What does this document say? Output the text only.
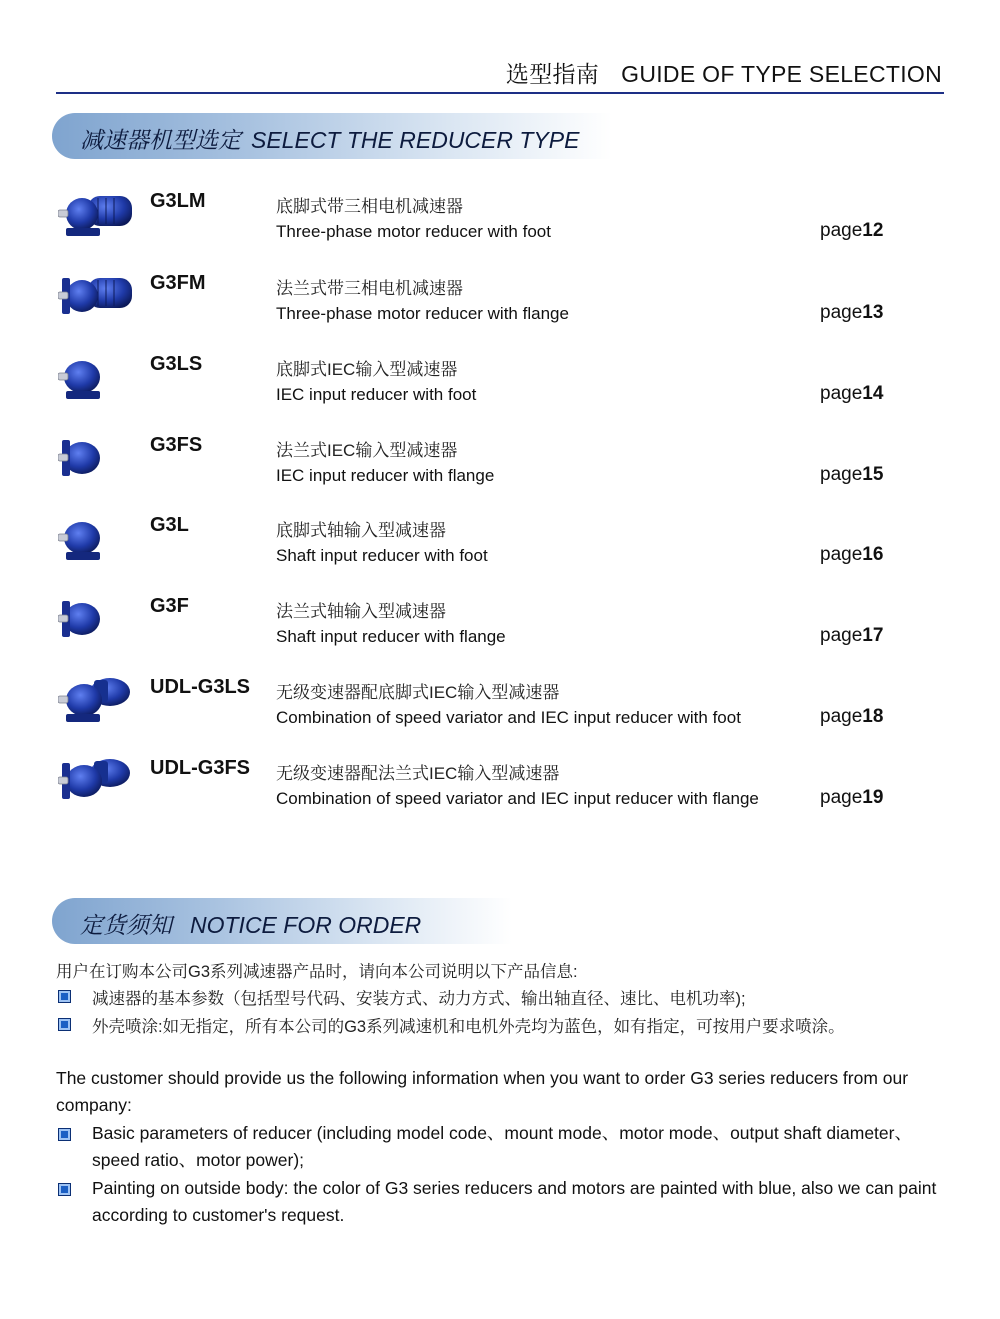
选型指南 GUIDE OF TYPE SELECTION
减速器机型选定 SELECT THE REDUCER TYPE
G3LM	底脚式带三相电机减速器
Three-phase motor reducer with foot	page12
G3FM	法兰式带三相电机减速器
Three-phase motor reducer with flange	page13
G3LS	底脚式IEC输入型减速器
IEC input reducer with foot	page14
G3FS	法兰式IEC输入型减速器
IEC input reducer with flange	page15
G3L	底脚式轴输入型减速器
Shaft input reducer with foot	page16
G3F	法兰式轴输入型减速器
Shaft input reducer with flange	page17
UDL-G3LS 无级变速器配底脚式IEC输入型减速器
Combination of speed variator and IEC input reducer with foot	page18
UDL-G3FS 无级变速器配法兰式IEC输入型减速器
Combination of speed variator and IEC input reducer with flange	page19
定货须知 NOTICE FOR ORDER
用户在订购本公司G3系列减速器产品时，请向本公司说明以下产品信息:
减速器的基本参数（包括型号代码、安装方式、动力方式、输出轴直径、速比、电机功率);
外壳喷涂:如无指定，所有本公司的G3系列减速机和电机外壳均为蓝色，如有指定，可按用户要求喷涂。
The customer should provide us the following information when you want to order G3 series reducers from our company:
Basic parameters of reducer (including model code、mount mode、motor mode、output shaft diameter、speed ratio、motor power);
Painting on outside body: the color of G3 series reducers and motors are painted with blue, also we can paint according to customer's request.
